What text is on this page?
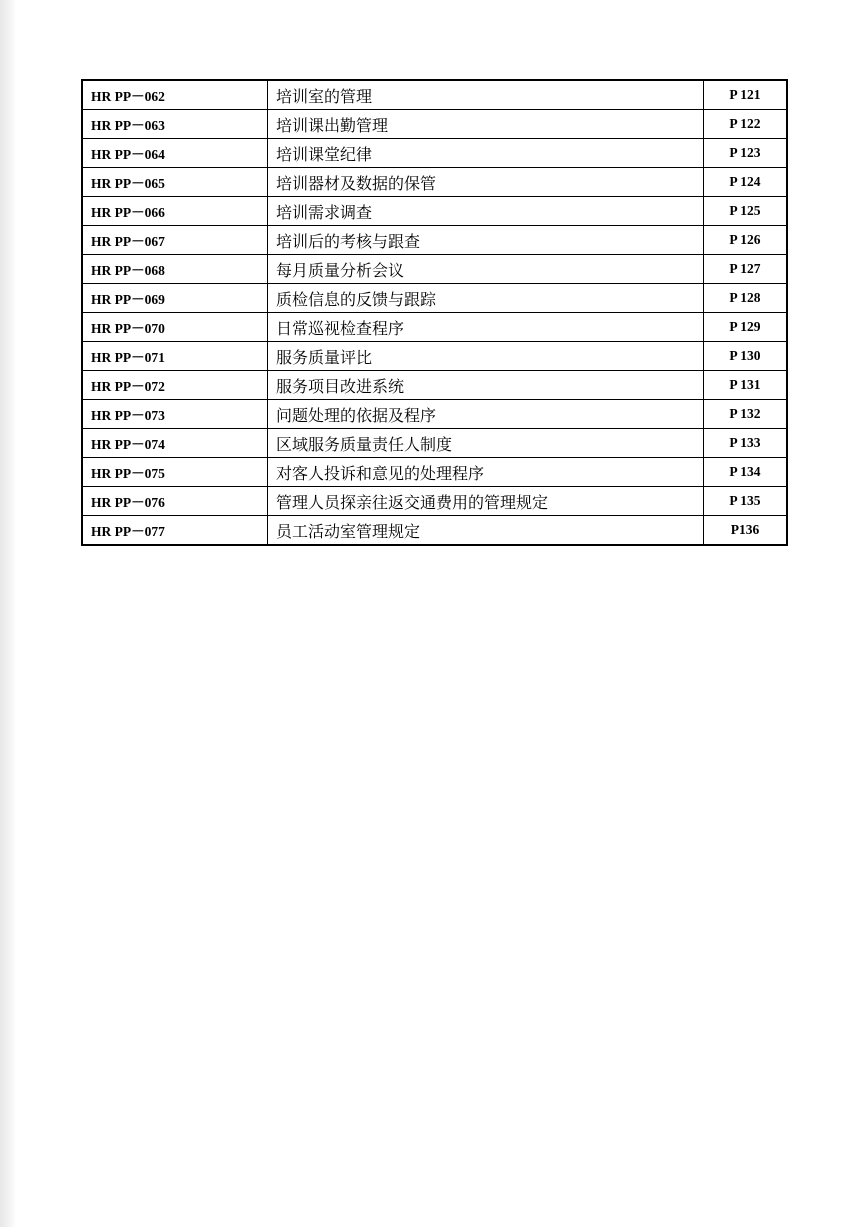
HR PP－062	培训室的管理	P 121
HR PP－063	培训课出勤管理	P 122
HR PP－064	培训课堂纪律	P 123
HR PP－065	培训器材及数据的保管	P 124
HR PP－066	培训需求调查	P 125
HR PP－067	培训后的考核与跟查	P 126
HR PP－068	每月质量分析会议	P 127
HR PP－069	质检信息的反馈与跟踪	P 128
HR PP－070	日常巡视检查程序	P 129
HR PP－071	服务质量评比	P 130
HR PP－072	服务项目改进系统	P 131
HR PP－073	问题处理的依据及程序	P 132
HR PP－074	区域服务质量责任人制度	P 133
HR PP－075	对客人投诉和意见的处理程序	P 134
HR PP－076	管理人员探亲往返交通费用的管理规定	P 135
HR PP－077	员工活动室管理规定	P136
